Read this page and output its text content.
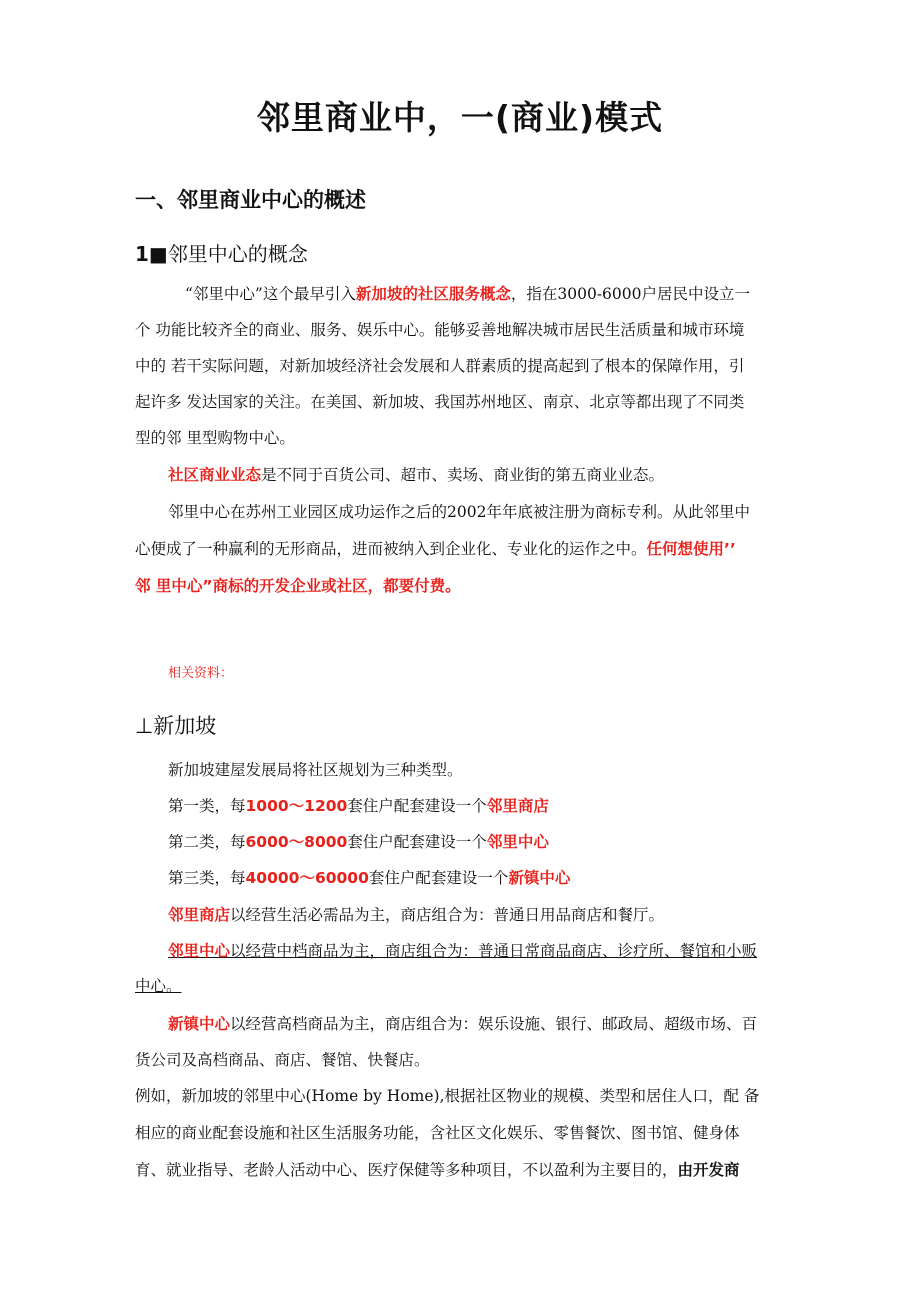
邻里商业中，一(商业)模式
一、邻里商业中心的概述
1■邻里中心的概念
“邻里中心”这个最早引入新加坡的社区服务概念，指在3000-6000户居民中设立一
个 功能比较齐全的商业、服务、娱乐中心。能够妥善地解决城市居民生活质量和城市环境
中的 若干实际问题，对新加坡经济社会发展和人群素质的提高起到了根本的保障作用，引
起许多 发达国家的关注。在美国、新加坡、我国苏州地区、南京、北京等都出现了不同类
型的邻 里型购物中心。
社区商业业态是不同于百货公司、超市、卖场、商业街的第五商业业态。
邻里中心在苏州工业园区成功运作之后的2002年年底被注册为商标专利。从此邻里中
心便成了一种赢利的无形商品，进而被纳入到企业化、专业化的运作之中。任何想使用’’
邻 里中心”商标的开发企业或社区，都要付费。
相关资料：
⊥新加坡
新加坡建屋发展局将社区规划为三种类型。
第一类，每1000～1200套住户配套建设一个邻里商店
第二类，每6000～8000套住户配套建设一个邻里中心
第三类，每40000～60000套住户配套建设一个新镇中心
邻里商店以经营生活必需品为主，商店组合为：普通日用品商店和餐厅。
邻里中心以经营中档商品为主，商店组合为：普通日常商品商店、诊疗所、餐馆和小贩
中心。
新镇中心以经营高档商品为主，商店组合为：娱乐设施、银行、邮政局、超级市场、百
货公司及高档商品、商店、餐馆、快餐店。
例如，新加坡的邻里中心(Home by Home),根据社区物业的规模、类型和居住人口，配 备
相应的商业配套设施和社区生活服务功能，含社区文化娱乐、零售餐饮、图书馆、健身体
育、就业指导、老龄人活动中心、医疗保健等多种项目，不以盈利为主要目的，由开发商
